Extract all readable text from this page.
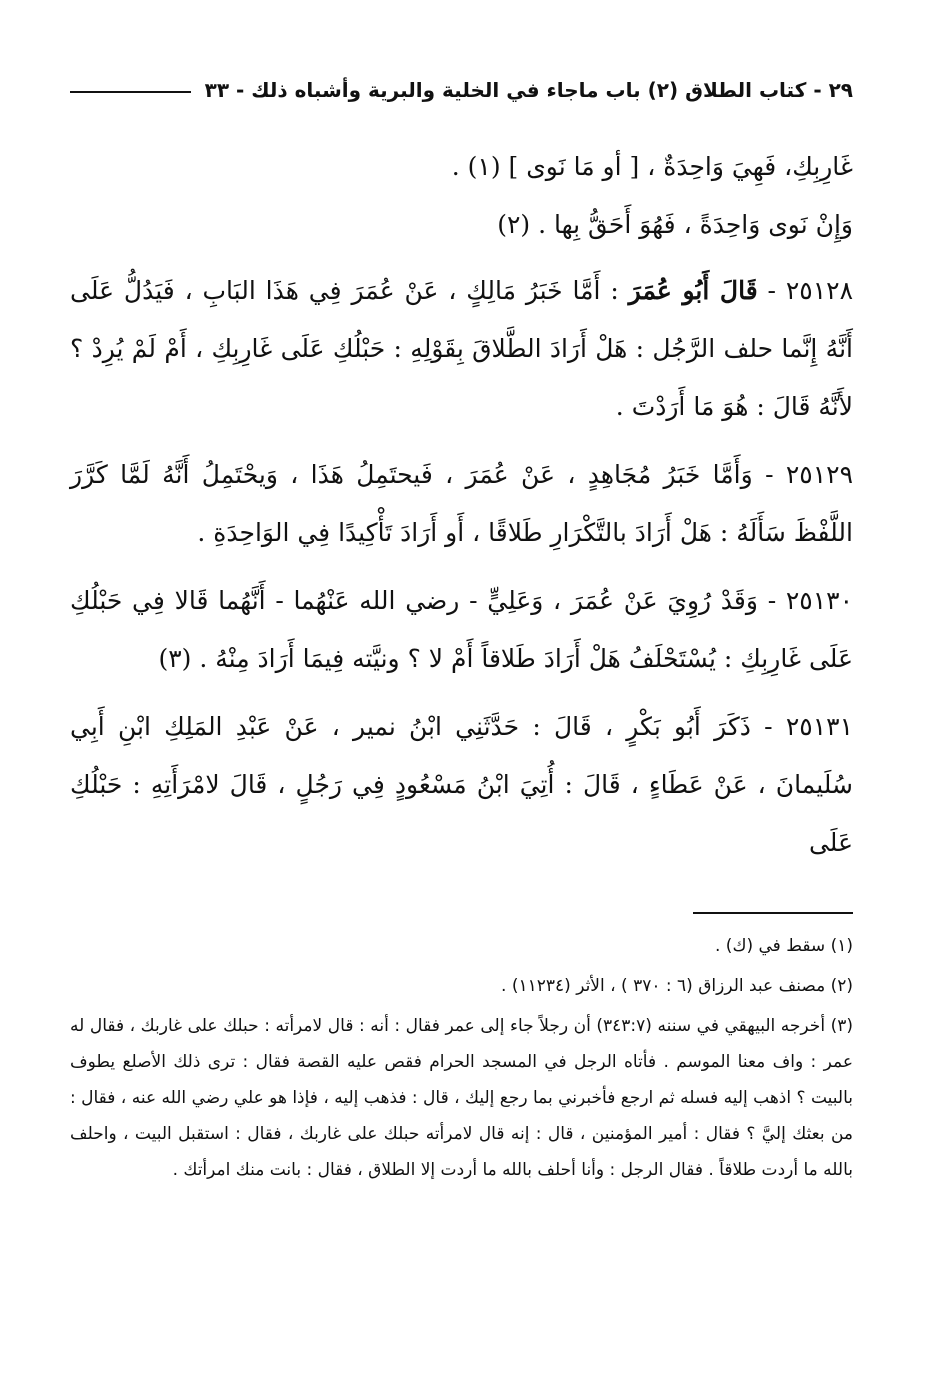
٢٩ - كتاب الطلاق (٢) باب ماجاء في الخلية والبرية وأشباه ذلك - ٣٣

غَارِبِكِ، فَهِيَ وَاحِدَةٌ ، [ أو مَا نَوى ] (١) .

وَإِنْ نَوى وَاحِدَةً ، فَهُوَ أَحَقُّ بِها . (٢)

٢٥١٢٨ - قَالَ أَبُو عُمَرَ : أَمَّا خَبَرُ مَالِكٍ ، عَنْ عُمَرَ فِي هَذَا البَابِ ، فَيَدُلُّ عَلَى أَنَّهُ إِنَّما حلف الرَّجُل : هَلْ أَرَادَ الطَّلاقَ بِقَوْلِهِ : حَبْلُكِ عَلَى غَارِبِكِ ، أَمْ لَمْ يُرِدْ ؟ لأَنَّهُ قَالَ : هُوَ مَا أَرَدْتَ .

٢٥١٢٩ - وَأَمَّا خَبَرُ مُجَاهِدٍ ، عَنْ عُمَرَ ، فَيحتَمِلُ هَذَا ، وَيحْتَمِلُ أَنَّهُ لَمَّا كَرَّرَ اللَّفْظَ سَأَلَهُ : هَلْ أَرَادَ بالتَّكْرَارِ طَلاقًا ، أَو أَرَادَ تَأْكِيدًا فِي الوَاحِدَةِ .

٢٥١٣٠ - وَقَدْ رُوِيَ عَنْ عُمَرَ ، وَعَلِيٍّ - رضي الله عَنْهُما - أَنَّهُما قَالا فِي حَبْلُكِ عَلَى غَارِبِكِ : يُسْتَحْلَفُ هَلْ أَرَادَ طَلاقاً أَمْ لا ؟ ونيَّته فِيمَا أَرَادَ مِنْهُ . (٣)

٢٥١٣١ - ذَكَرَ أَبُو بَكْرٍ ، قَالَ : حَدَّثَنِي ابْنُ نمير ، عَنْ عَبْدِ المَلِكِ ابْنِ أَبِي سُلَيمانَ ، عَنْ عَطَاءٍ ، قَالَ : أُتِيَ ابْنُ مَسْعُودٍ فِي رَجُلٍ ، قَالَ لامْرَأَتِهِ : حَبْلُكِ عَلَى

(١) سقط في (ك) .

(٢) مصنف عبد الرزاق (٦ : ٣٧٠ ) ، الأثر (١١٢٣٤) .

(٣) أخرجه البيهقي في سننه (٣٤٣:٧) أن رجلاً جاء إلى عمر فقال : أنه : قال لامرأته : حبلك على غاربك ، فقال له عمر : واف معنا الموسم . فأتاه الرجل في المسجد الحرام فقص عليه القصة فقال : ترى ذلك الأصلع يطوف بالبيت ؟ اذهب إليه فسله ثم ارجع فأخبرني بما رجع إليك ، قال : فذهب إليه ، فإذا هو علي رضي الله عنه ، فقال : من بعثك إليَّ ؟ فقال : أمير المؤمنين ، قال : إنه قال لامرأته حبلك على غاربك ، فقال : استقبل البيت ، واحلف بالله ما أردت طلاقاً . فقال الرجل : وأنا أحلف بالله ما أردت إلا الطلاق ، فقال : بانت منك امرأتك .
